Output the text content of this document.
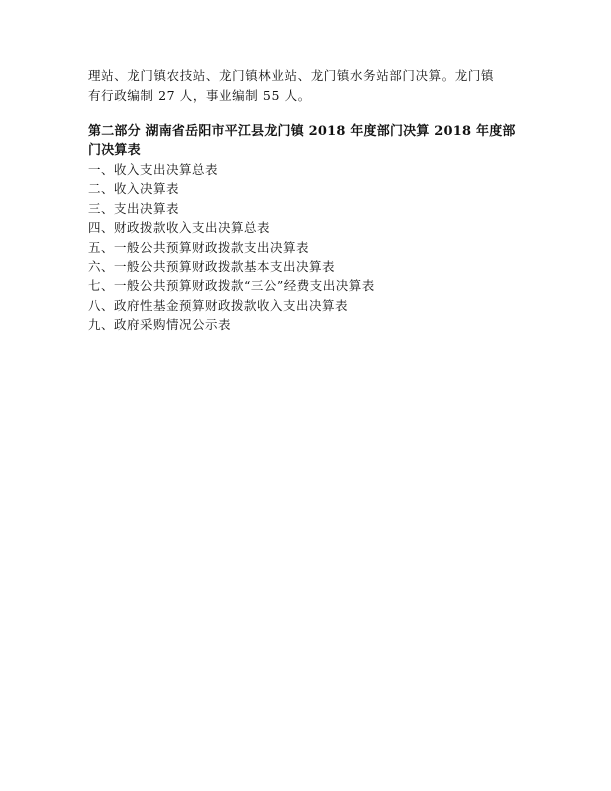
理站、龙门镇农技站、龙门镇林业站、龙门镇水务站部门决算。龙门镇

有行政编制 27 人，事业编制 55 人。

第二部分 湖南省岳阳市平江县龙门镇 2018 年度部门决算 2018 年度部

门决算表

一、收入支出决算总表
二、收入决算表
三、支出决算表
四、财政拨款收入支出决算总表
五、一般公共预算财政拨款支出决算表
六、一般公共预算财政拨款基本支出决算表
七、一般公共预算财政拨款“三公”经费支出决算表
八、政府性基金预算财政拨款收入支出决算表
九、政府采购情况公示表
